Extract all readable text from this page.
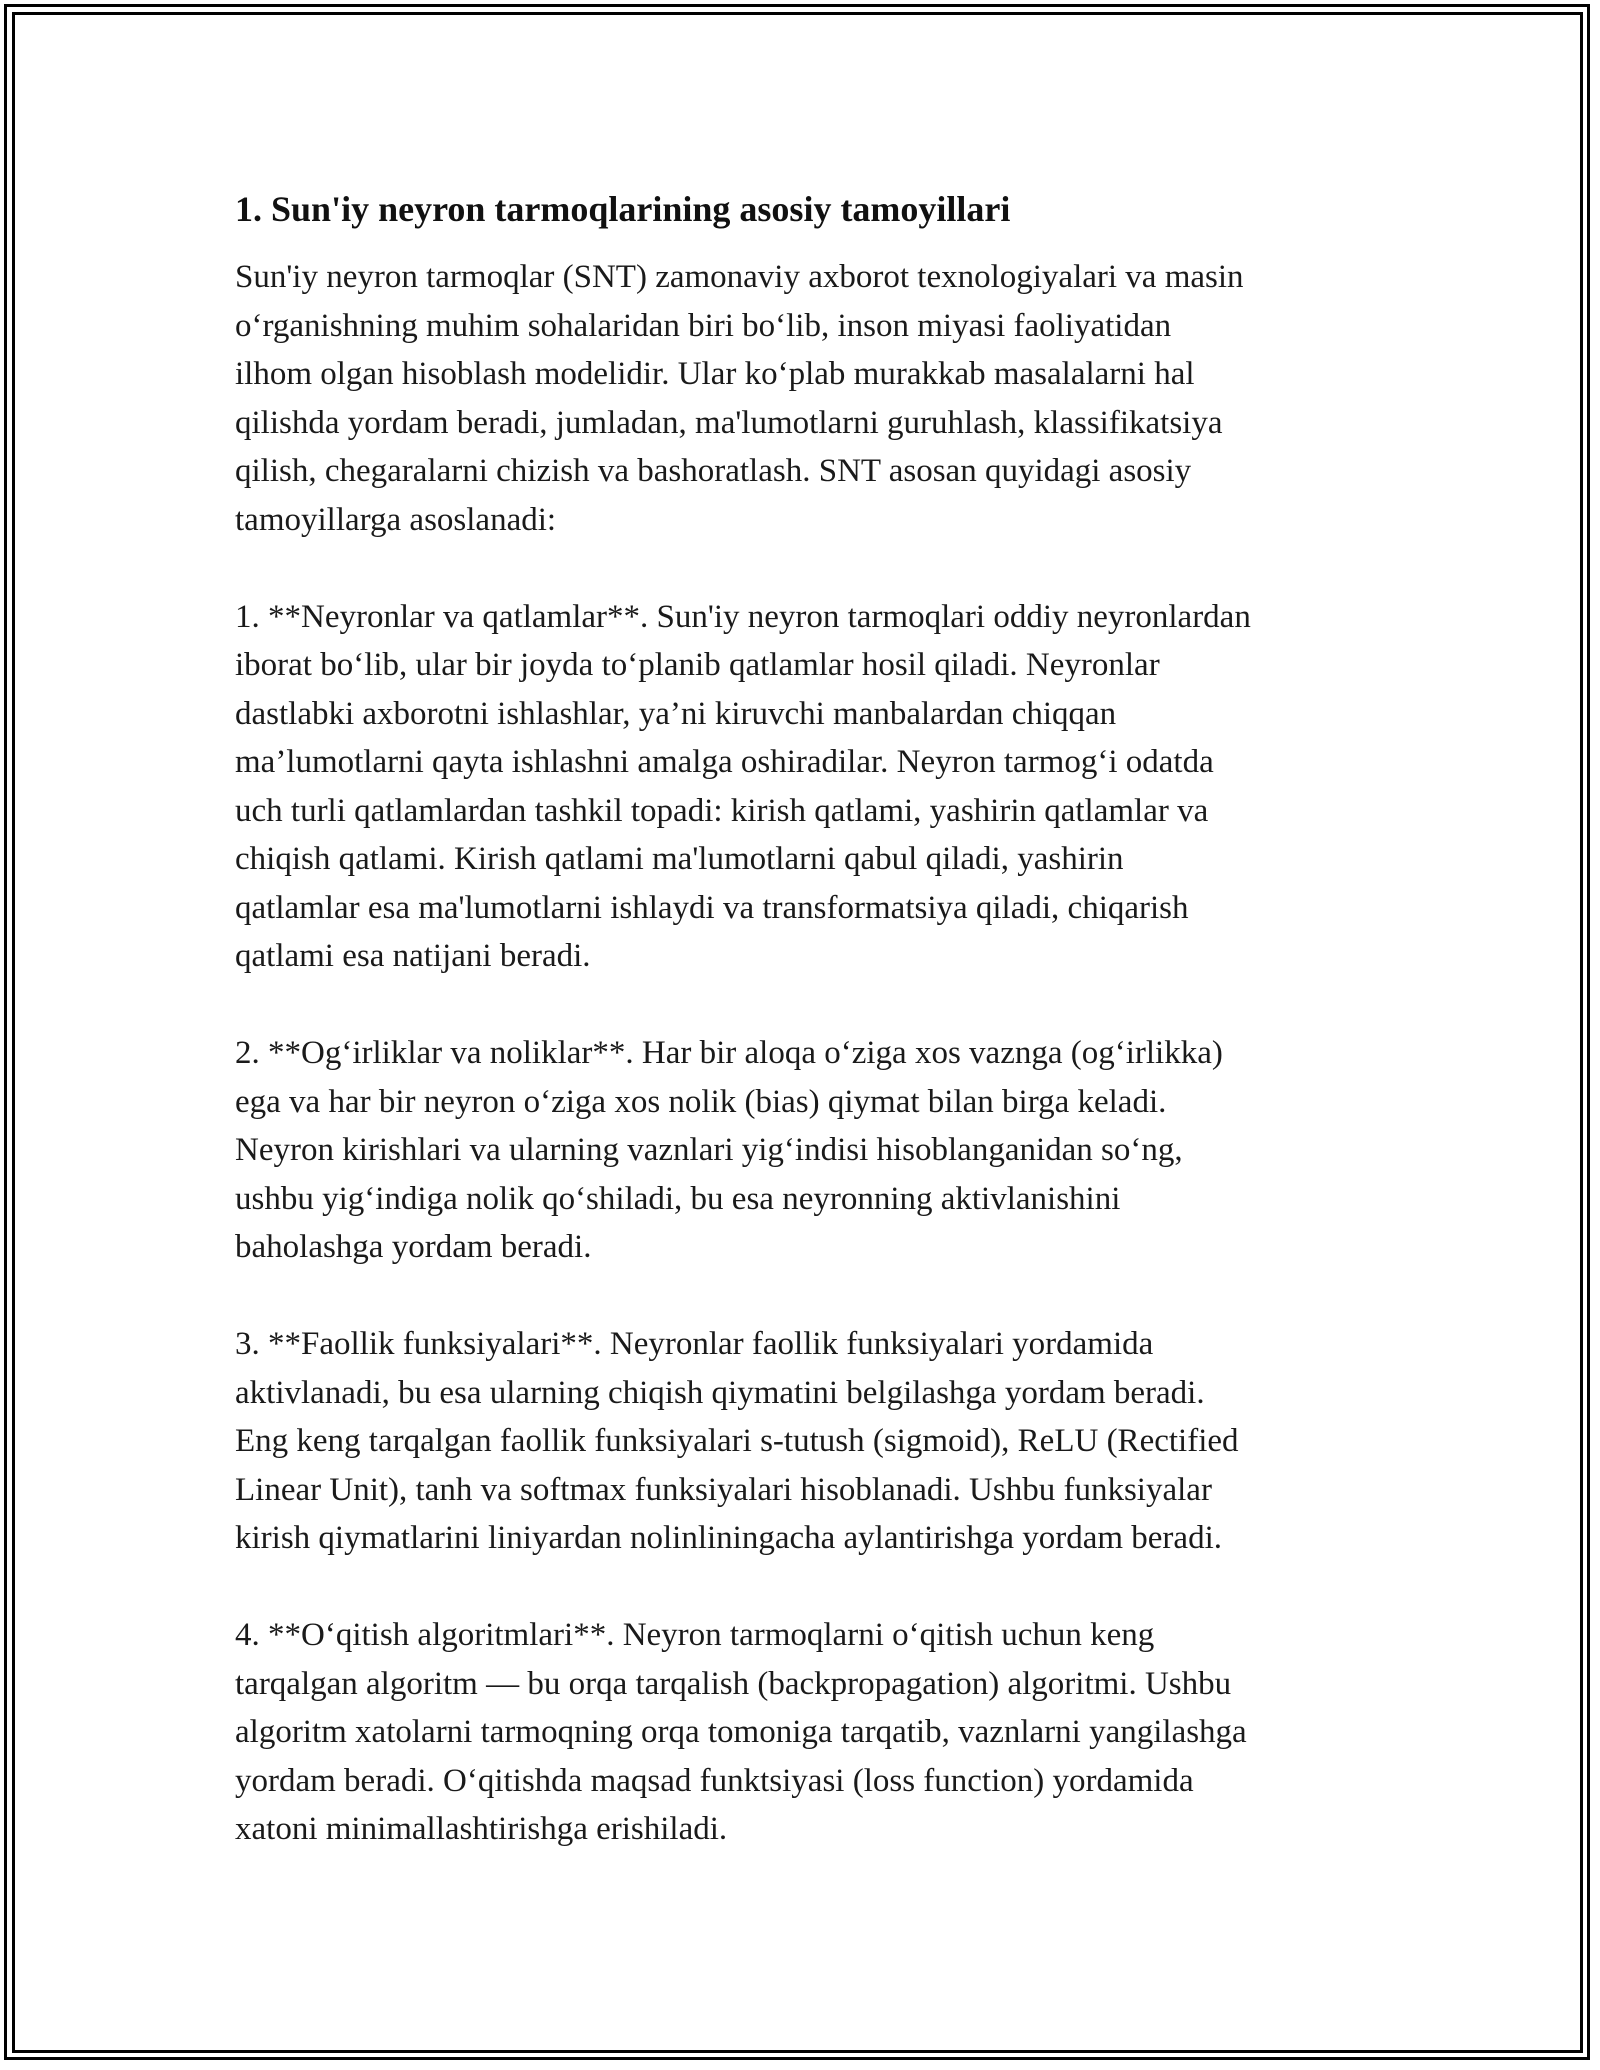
1. Sun'iy neyron tarmoqlarining asosiy tamoyillari
Sun'iy neyron tarmoqlar (SNT) zamonaviy axborot texnologiyalari va masin
o‘rganishning muhim sohalaridan biri bo‘lib, inson miyasi faoliyatidan
ilhom olgan hisoblash modelidir. Ular ko‘plab murakkab masalalarni hal
qilishda yordam beradi, jumladan, ma'lumotlarni guruhlash, klassifikatsiya
qilish, chegaralarni chizish va bashoratlash. SNT asosan quyidagi asosiy
tamoyillarga asoslanadi:
1. **Neyronlar va qatlamlar**. Sun'iy neyron tarmoqlari oddiy neyronlardan
iborat bo‘lib, ular bir joyda to‘planib qatlamlar hosil qiladi. Neyronlar
dastlabki axborotni ishlashlar, ya’ni kiruvchi manbalardan chiqqan
ma’lumotlarni qayta ishlashni amalga oshiradilar. Neyron tarmog‘i odatda
uch turli qatlamlardan tashkil topadi: kirish qatlami, yashirin qatlamlar va
chiqish qatlami. Kirish qatlami ma'lumotlarni qabul qiladi, yashirin
qatlamlar esa ma'lumotlarni ishlaydi va transformatsiya qiladi, chiqarish
qatlami esa natijani beradi.
2. **Og‘irliklar va noliklar**. Har bir aloqa o‘ziga xos vaznga (og‘irlikka)
ega va har bir neyron o‘ziga xos nolik (bias) qiymat bilan birga keladi.
Neyron kirishlari va ularning vaznlari yig‘indisi hisoblanganidan so‘ng,
ushbu yig‘indiga nolik qo‘shiladi, bu esa neyronning aktivlanishini
baholashga yordam beradi.
3. **Faollik funksiyalari**. Neyronlar faollik funksiyalari yordamida
aktivlanadi, bu esa ularning chiqish qiymatini belgilashga yordam beradi.
Eng keng tarqalgan faollik funksiyalari s-tutush (sigmoid), ReLU (Rectified
Linear Unit), tanh va softmax funksiyalari hisoblanadi. Ushbu funksiyalar
kirish qiymatlarini liniyardan nolinliningacha aylantirishga yordam beradi.
4. **O‘qitish algoritmlari**. Neyron tarmoqlarni o‘qitish uchun keng
tarqalgan algoritm — bu orqa tarqalish (backpropagation) algoritmi. Ushbu
algoritm xatolarni tarmoqning orqa tomoniga tarqatib, vaznlarni yangilashga
yordam beradi. O‘qitishda maqsad funktsiyasi (loss function) yordamida
xatoni minimallashtirishga erishiladi.
